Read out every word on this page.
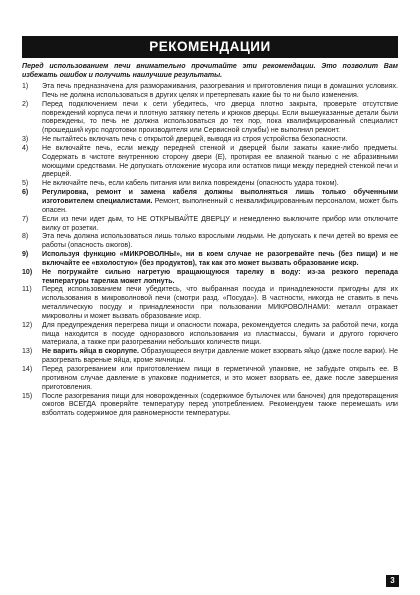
РЕКОМЕНДАЦИИ

Перед использованием печи внимательно прочитайте эти рекомендации. Это позволит Вам избежать ошибок и получить наилучшие результаты.

1)	Эта печь предназначена для размораживания, разогревания и приготовления пищи в домашних условиях. Печь не должна использоваться в других целях и претерпевать какие бы то ни было изменения.
2)	Перед подключением печи к сети убедитесь, что дверца плотно закрыта, проверьте отсутствие повреждений корпуса печи и плотную затяжку петель и крюков дверцы. Если вышеуказанные детали были повреждены, то печь не должна использоваться до тех пор, пока квалифицированный специалист (прошедший курс подготовки производителя или Сервисной службы) не выполнил ремонт.
3)	Не пытайтесь включать печь с открытой дверцей, выводя из строя устройства безопасности.
4)	Не включайте печь, если между передней стенкой и дверцей были зажаты какие-либо предметы. Содержать в чистоте внутреннюю сторону двери (Е), протирая ее влажной тканью с не абразивными моющими средствами. Не допускать отложение мусора или остатков пищи между передней стенкой печи и дверцей.
5)	Не включайте печь, если кабель питания или вилка повреждены (опасность удара током).
6)	Регулировка, ремонт и замена кабеля должны выполняться лишь только обученными изготовителем специалистами. Ремонт, выполненный с неквалифицированным персоналом, может быть опасен.
7)	Если из печи идет дым, то НЕ ОТКРЫВАЙТЕ ДВЕРЦУ и немедленно выключите прибор или отключите вилку от розетки.
8)	Эта печь должна использоваться лишь только взрослыми людьми. Не допускать к печи детей во время ее работы (опасность ожогов).
9)	Используя функцию «МИКРОВОЛНЫ», ни в коем случае не разогревайте печь (без пищи) и не включайте ее «вхолостую» (без продуктов), так как это может вызвать образование искр.
10)	Не погружайте сильно нагретую вращающуюся тарелку в воду: из-за резкого перепада температуры тарелка может лопнуть.
11)	Перед использованием печи убедитесь, что выбранная посуда и принадлежности пригодны для их использования в микроволновой печи (смотри разд. «Посуда»). В частности, никогда не ставить в печь металлическую посуду и принадлежности при пользовании МИКРОВОЛНАМИ: металл отражает микроволны и может вызвать образование искр.
12)	Для предупреждения перегрева пищи и опасности пожара, рекомендуется следить за работой печи, когда пища находится в посуде одноразового использования из пластмассы, бумаги и другого горючего материала, а также при разогревании небольших количеств пищи.
13)	Не варить яйца в скорлупе. Образующееся внутри давление может взорвать яйцо (даже после варки). Не разогревать вареные яйца, кроме яичницы.
14)	Перед разогреванием или приготовлением пищи в герметичной упаковке, не забудьте открыть ее. В противном случае давление в упаковке поднимется, и это может взорвать ее, даже после завершения приготовления.
15)	После разогревания пищи для новорожденных (содержимое бутылочек или баночек) для предотвращения ожогов ВСЕГДА проверяйте температуру перед употреблением. Рекомендуем также перемешать или взболтать содержимое для равномерности температуры.
3
